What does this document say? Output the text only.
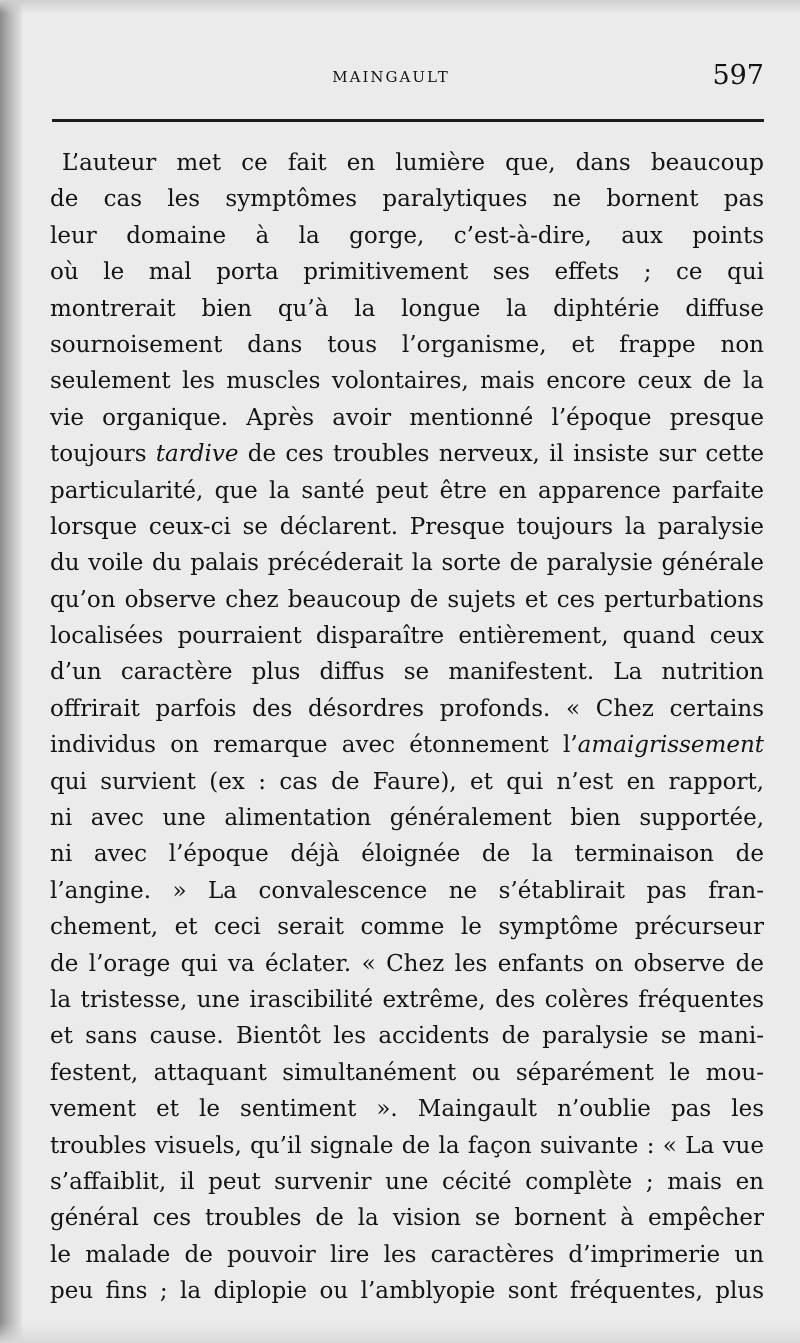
MAINGAULT	597
L’auteur met ce fait en lumière que, dans beaucoup
de cas les symptômes paralytiques ne bornent pas
leur domaine à la gorge, c’est-à-dire, aux points
où le mal porta primitivement ses effets ; ce qui
montrerait bien qu’à la longue la diphtérie diffuse
sournoisement dans tous l’organisme, et frappe non
seulement les muscles volontaires, mais encore ceux de la
vie organique. Après avoir mentionné l’époque presque
toujours tardive de ces troubles nerveux, il insiste sur cette
particularité, que la santé peut être en apparence parfaite
lorsque ceux-ci se déclarent. Presque toujours la paralysie
du voile du palais précéderait la sorte de paralysie générale
qu’on observe chez beaucoup de sujets et ces perturbations
localisées pourraient disparaître entièrement, quand ceux
d’un caractère plus diffus se manifestent. La nutrition
offrirait parfois des désordres profonds. « Chez certains
individus on remarque avec étonnement l’amaigrissement
qui survient (ex : cas de Faure), et qui n’est en rapport,
ni avec une alimentation généralement bien supportée,
ni avec l’époque déjà éloignée de la terminaison de
l’angine. » La convalescence ne s’établirait pas fran-
chement, et ceci serait comme le symptôme précurseur
de l’orage qui va éclater. « Chez les enfants on observe de
la tristesse, une irascibilité extrême, des colères fréquentes
et sans cause. Bientôt les accidents de paralysie se mani-
festent, attaquant simultanément ou séparément le mou-
vement et le sentiment ». Maingault n’oublie pas les
troubles visuels, qu’il signale de la façon suivante : « La vue
s’affaiblit, il peut survenir une cécité complète ; mais en
général ces troubles de la vision se bornent à empêcher
le malade de pouvoir lire les caractères d’imprimerie un
peu fins ; la diplopie ou l’amblyopie sont fréquentes, plus
